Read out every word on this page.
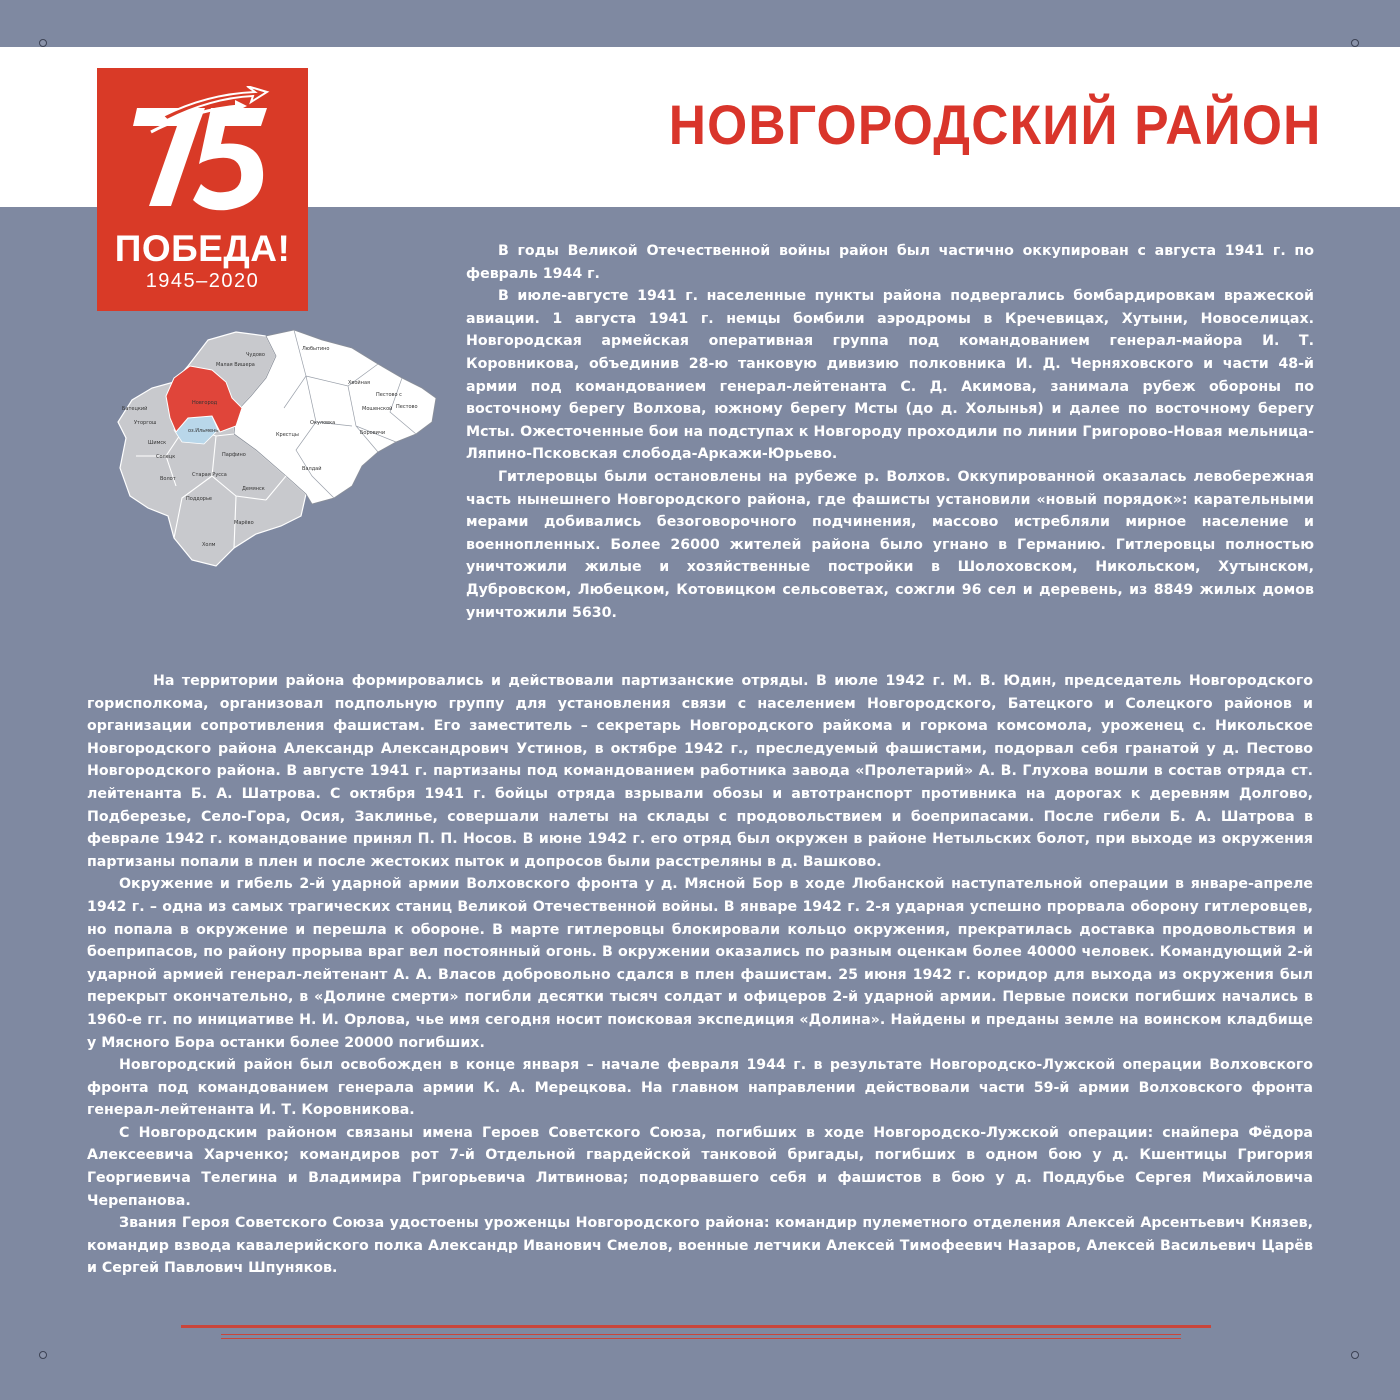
НОВГОРОДСКИЙ РАЙОН
ПОБЕДА!
1945–2020
Чудово
Малая Вишера
Любытино
Батецкий
Новгород
Хвойная
Пестово
Окуловка
Мошенской
Боровичи
Крестцы
Шимск
Парфино
Валдай
Солецк
Старая Русса
Волот
Поддорье
Демянск
Марёво
Холм
Уторгош
Пестово с
оз.Ильмень

В годы Великой Отечественной войны район был частично оккупирован с августа 1941 г. по февраль 1944 г.

В июле-августе 1941 г. населенные пункты района подвергались бомбардировкам вражеской авиации. 1 августа 1941 г. немцы бомбили аэродромы в Кречевицах, Хутыни, Новоселицах. Новгородская армейская оперативная группа под командованием генерал-майора И. Т. Коровникова, объединив 28-ю танковую дивизию полковника И. Д. Черняховского и части 48-й армии под командованием генерал-лейтенанта С. Д. Акимова, занимала рубеж обороны по восточному берегу Волхова, южному берегу Мсты (до д. Холынья) и далее по восточному берегу Мсты. Ожесточенные бои на подступах к Новгороду проходили по линии Григорово-Новая мельница-Ляпино-Псковская слобода-Аркажи-Юрьево.

Гитлеровцы были остановлены на рубеже р. Волхов. Оккупированной оказалась левобережная часть нынешнего Новгородского района, где фашисты установили «новый порядок»: карательными мерами добивались безоговорочного подчинения, массово истребляли мирное население и военнопленных. Более 26000 жителей района было угнано в Германию. Гитлеровцы полностью уничтожили жилые и хозяйственные постройки в Шолоховском, Никольском, Хутынском, Дубровском, Любецком, Котовицком сельсоветах, сожгли 96 сел и деревень, из 8849 жилых домов уничтожили 5630.

На территории района формировались и действовали партизанские отряды. В июле 1942 г. М. В. Юдин, председатель Новгородского горисполкома, организовал подпольную группу для установления связи с населением Новгородского, Батецкого и Солецкого районов и организации сопротивления фашистам. Его заместитель – секретарь Новгородского райкома и горкома комсомола, уроженец с. Никольское Новгородского района Александр Александрович Устинов, в октябре 1942 г., преследуемый фашистами, подорвал себя гранатой у д. Пестово Новгородского района. В августе 1941 г. партизаны под командованием работника завода «Пролетарий» А. В. Глухова вошли в состав отряда ст. лейтенанта Б. А. Шатрова. С октября 1941 г. бойцы отряда взрывали обозы и автотранспорт противника на дорогах к деревням Долгово, Подберезье, Село-Гора, Осия, Заклинье, совершали налеты на склады с продовольствием и боеприпасами. После гибели Б. А. Шатрова в феврале 1942 г. командование принял П. П. Носов. В июне 1942 г. его отряд был окружен в районе Нетыльских болот, при выходе из окружения партизаны попали в плен и после жестоких пыток и допросов были расстреляны в д. Вашково.

Окружение и гибель 2-й ударной армии Волховского фронта у д. Мясной Бор в ходе Любанской наступательной операции в январе-апреле 1942 г. – одна из самых трагических станиц Великой Отечественной войны. В январе 1942 г. 2-я ударная успешно прорвала оборону гитлеровцев, но попала в окружение и перешла к обороне. В марте гитлеровцы блокировали кольцо окружения, прекратилась доставка продовольствия и боеприпасов, по району прорыва враг вел постоянный огонь. В окружении оказались по разным оценкам более 40000 человек. Командующий 2-й ударной армией генерал-лейтенант А. А. Власов добровольно сдался в плен фашистам. 25 июня 1942 г. коридор для выхода из окружения был перекрыт окончательно, в «Долине смерти» погибли десятки тысяч солдат и офицеров 2-й ударной армии. Первые поиски погибших начались в 1960-е гг. по инициативе Н. И. Орлова, чье имя сегодня носит поисковая экспедиция «Долина». Найдены и преданы земле на воинском кладбище у Мясного Бора останки более 20000 погибших.

Новгородский район был освобожден в конце января – начале февраля 1944 г. в результате Новгородско-Лужской операции Волховского фронта под командованием генерала армии К. А. Мерецкова. На главном направлении действовали части 59-й армии Волховского фронта генерал-лейтенанта И. Т. Коровникова.

С Новгородским районом связаны имена Героев Советского Союза, погибших в ходе Новгородско-Лужской операции: снайпера Фёдора Алексеевича Харченко; командиров рот 7-й Отдельной гвардейской танковой бригады, погибших в одном бою у д. Кшентицы Григория Георгиевича Телегина и Владимира Григорьевича Литвинова; подорвавшего себя и фашистов в бою у д. Поддубье Сергея Михайловича Черепанова.

Звания Героя Советского Союза удостоены уроженцы Новгородского района: командир пулеметного отделения Алексей Арсентьевич Князев, командир взвода кавалерийского полка Александр Иванович Смелов, военные летчики Алексей Тимофеевич Назаров, Алексей Васильевич Царёв и Сергей Павлович Шпуняков.
